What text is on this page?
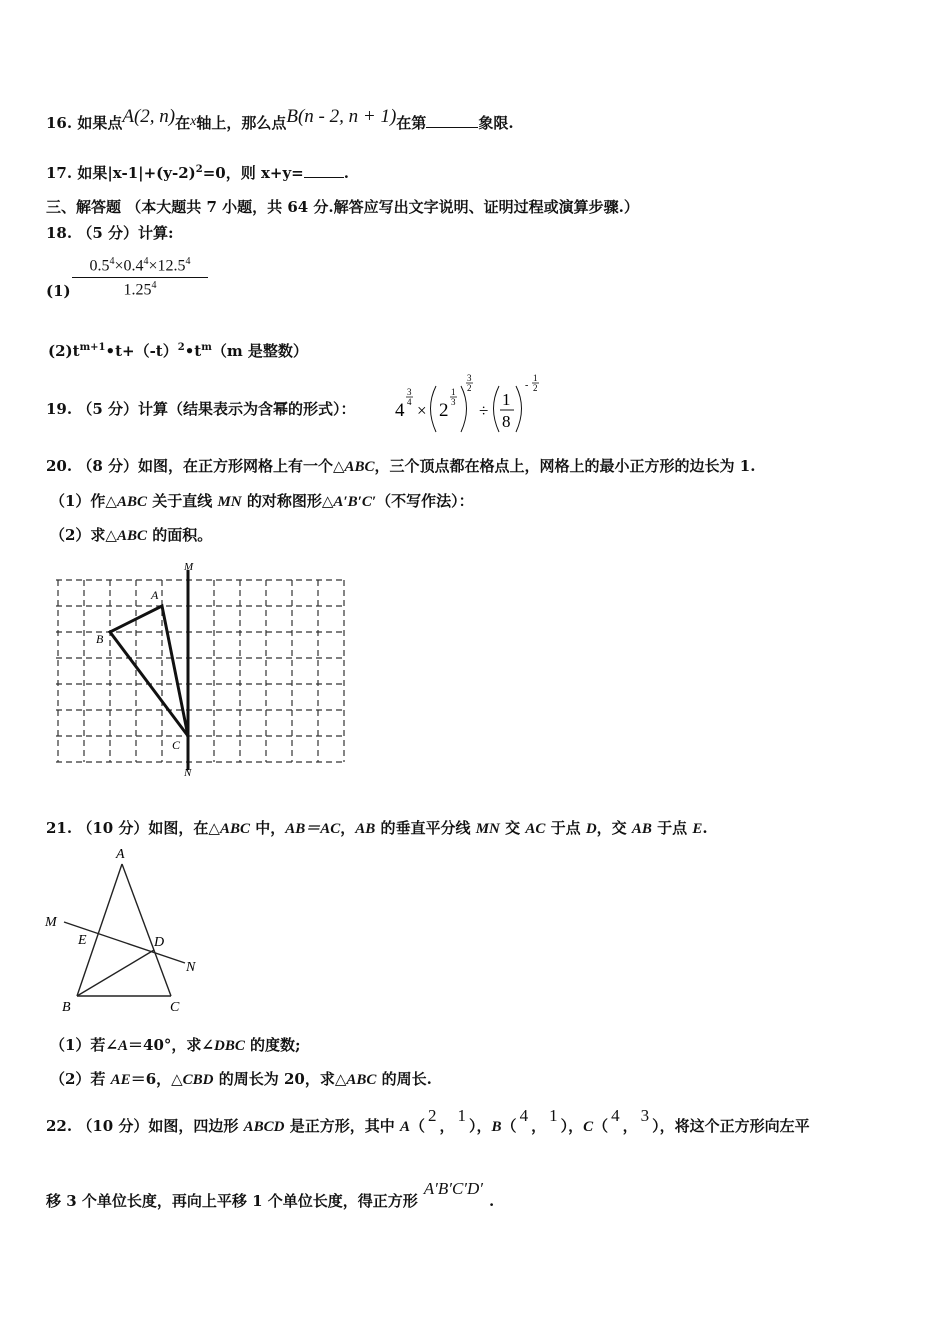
16. 如果点A(2, n)在x轴上，那么点B(n - 2, n + 1)在第	象限.
17. 如果$|x-1|+(y-2)^2=0$，则 x+y=	.
三、解答题 （本大题共 7 小题，共 64 分.解答应写出文字说明、证明过程或演算步骤.）
18. （5 分）计算:
$(1) \frac{0.5^4\times 0.4^4\times 12.5^4}{1.25^4}$
$(2)t^{m+1}•t+(-t)^2•t^m(m$ 是整数）
19. （5 分）计算（结果表示为含幂的形式）： 4
3
4 × 2
1
3
3
2
÷
1
8
-
1
2
20. （8 分）如图，在正方形网格上有一个△ABC，三个顶点都在格点上，网格上的最小正方形的边长为 1.
（1）作△ABC 关于直线 MN 的对称图形△A′B′C′（不写作法）：
（2）求△ABC 的面积。
A
B
C
M
N
21. （10 分）如图，在△ABC 中，AB＝AC，AB 的垂直平分线 MN 交 AC 于点 D，交 AB 于点 E.
A
B	C
D
E
M
N
（1）若∠A＝40°，求∠DBC 的度数;
（2）若 AE＝6，△CBD 的周长为 20，求△ABC 的周长.
22. （10 分）如图，四边形 ABCD 是正方形，其中 A（2，1），B（4，1），C（4，3），将这个正方形向左平
移 3 个单位长度，再向上平移 1 个单位长度，得正方形A′B′C′D′.
